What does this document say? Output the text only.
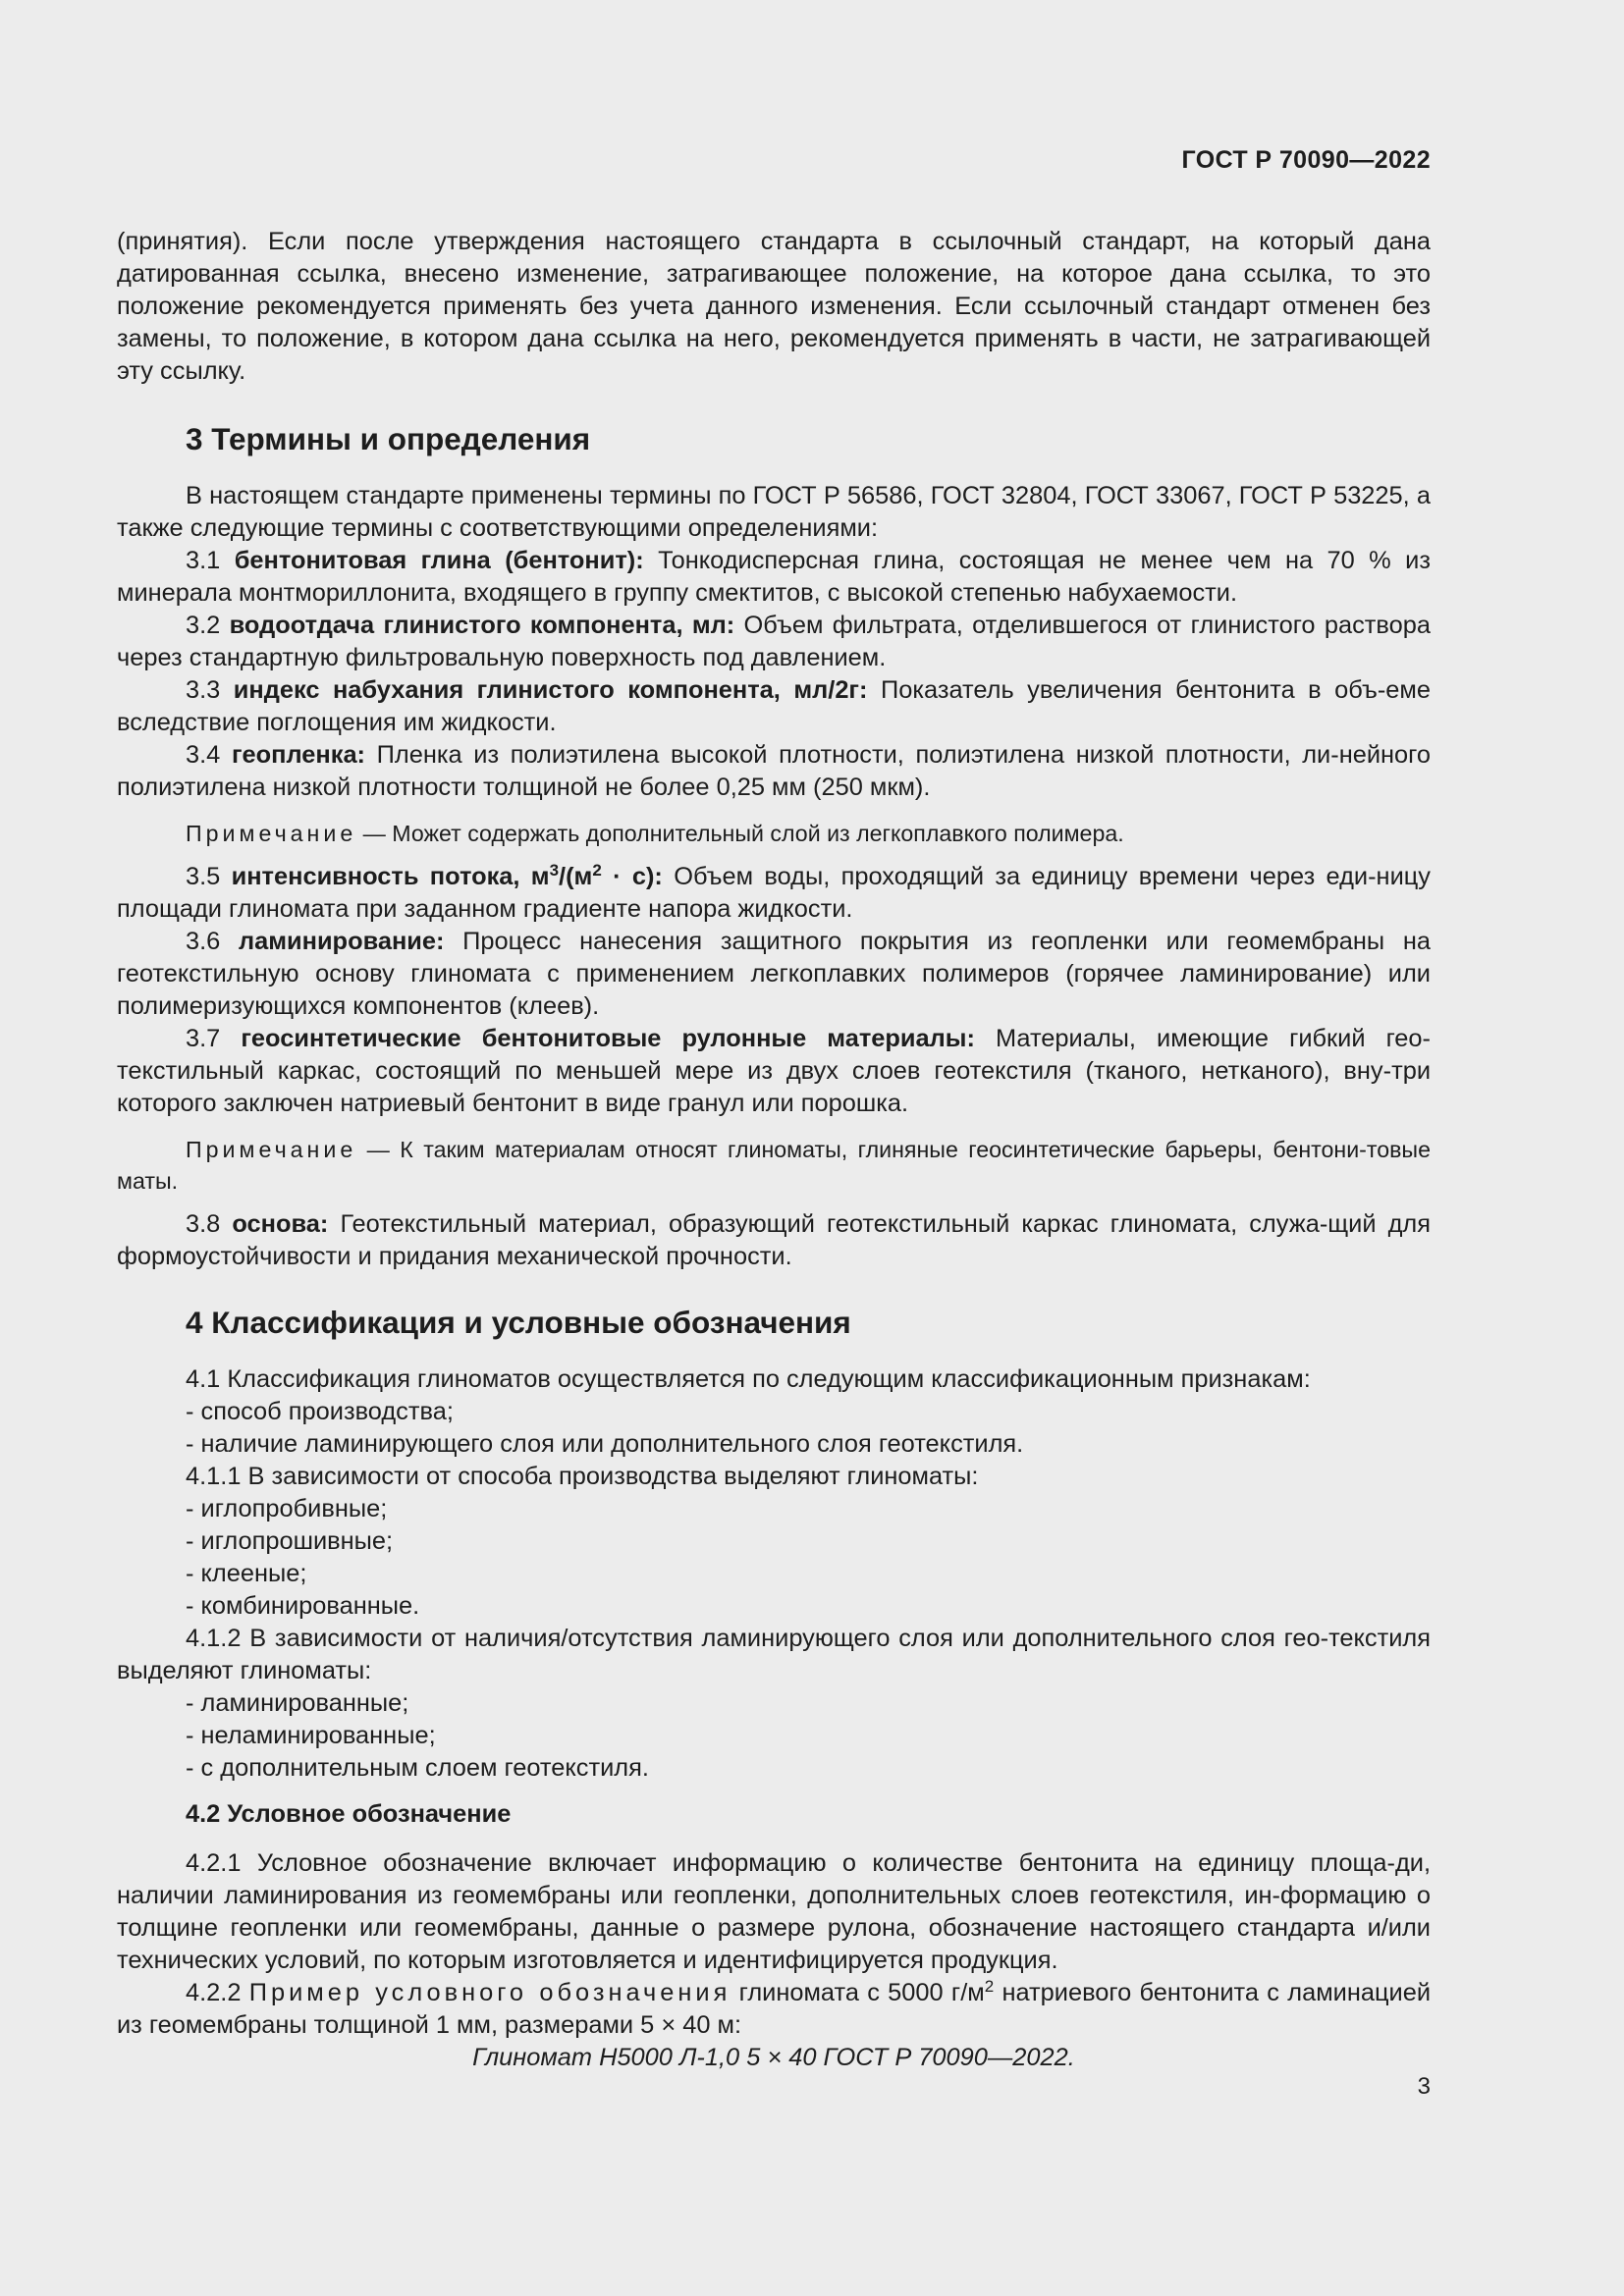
ГОСТ Р 70090—2022

(принятия). Если после утверждения настоящего стандарта в ссылочный стандарт, на который дана датированная ссылка, внесено изменение, затрагивающее положение, на которое дана ссылка, то это положение рекомендуется применять без учета данного изменения. Если ссылочный стандарт отменен без замены, то положение, в котором дана ссылка на него, рекомендуется применять в части, не затрагивающей эту ссылку.

3 Термины и определения

В настоящем стандарте применены термины по ГОСТ Р 56586, ГОСТ 32804, ГОСТ 33067, ГОСТ Р 53225, а также следующие термины с соответствующими определениями:

3.1 бентонитовая глина (бентонит): Тонкодисперсная глина, состоящая не менее чем на 70 % из минерала монтмориллонита, входящего в группу смектитов, с высокой степенью набухаемости.

3.2 водоотдача глинистого компонента, мл: Объем фильтрата, отделившегося от глинистого раствора через стандартную фильтровальную поверхность под давлением.

3.3 индекс набухания глинистого компонента, мл/2г: Показатель увеличения бентонита в объ-еме вследствие поглощения им жидкости.

3.4 геопленка: Пленка из полиэтилена высокой плотности, полиэтилена низкой плотности, ли-нейного полиэтилена низкой плотности толщиной не более 0,25 мм (250 мкм).

Примечание — Может содержать дополнительный слой из легкоплавкого полимера.

3.5 интенсивность потока, $м^3/(м^2 \cdot с)$: Объем воды, проходящий за единицу времени через еди-ницу площади глиномата при заданном градиенте напора жидкости.

3.6 ламинирование: Процесс нанесения защитного покрытия из геопленки или геомембраны на геотекстильную основу глиномата с применением легкоплавких полимеров (горячее ламинирование) или полимеризующихся компонентов (клеев).

3.7 геосинтетические бентонитовые рулонные материалы: Материалы, имеющие гибкий гео-текстильный каркас, состоящий по меньшей мере из двух слоев геотекстиля (тканого, нетканого), вну-три которого заключен натриевый бентонит в виде гранул или порошка.

Примечание — К таким материалам относят глиноматы, глиняные геосинтетические барьеры, бентони-товые маты.

3.8 основа: Геотекстильный материал, образующий геотекстильный каркас глиномата, служа-щий для формоустойчивости и придания механической прочности.

4 Классификация и условные обозначения

4.1 Классификация глиноматов осуществляется по следующим классификационным признакам:

- способ производства;
- наличие ламинирующего слоя или дополнительного слоя геотекстиля.

4.1.1 В зависимости от способа производства выделяют глиноматы:

- иглопробивные;
- иглопрошивные;
- клееные;
- комбинированные.

4.1.2 В зависимости от наличия/отсутствия ламинирующего слоя или дополнительного слоя гео-текстиля выделяют глиноматы:

- ламинированные;
- неламинированные;
- с дополнительным слоем геотекстиля.
4.2 Условное обозначение

4.2.1 Условное обозначение включает информацию о количестве бентонита на единицу площа-ди, наличии ламинирования из геомембраны или геопленки, дополнительных слоев геотекстиля, ин-формацию о толщине геопленки или геомембраны, данные о размере рулона, обозначение настоящего стандарта и/или технических условий, по которым изготовляется и идентифицируется продукция.

4.2.2 Пример условного обозначения глиномата с 5000 $г/м^2$ натриевого бентонита с ламинацией из геомембраны толщиной 1 мм, размерами 5 × 40 м:

Глиномат Н5000 Л-1,0 5 × 40 ГОСТ Р 70090—2022.

3
